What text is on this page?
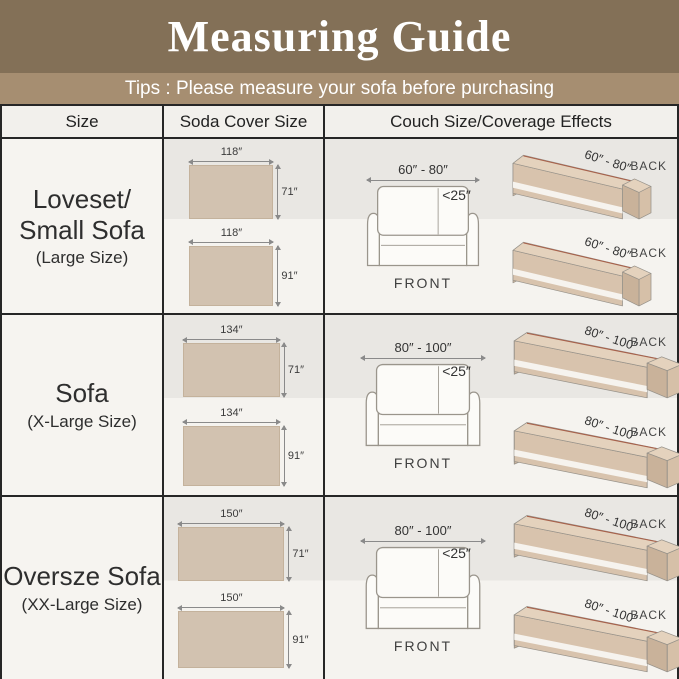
Measuring Guide
Tips : Please measure your sofa before purchasing
Size	Soda Cover Size	Couch Size/Coverage Effects
Loveset/
Small Sofa
(Large Size)
118″
71″
118″
91″
60″ - 80″
<25″
FRONT
60″ - 80″
BACK
60″ - 80″
BACK
Sofa
(X-Large Size)
134″
71″
134″
91″
80″ - 100″
<25″
FRONT
80″ - 100″
BACK
80″ - 100″
BACK
Oversze Sofa
(XX-Large Size)
150″
71″
150″
91″
80″ - 100″
<25″
FRONT
80″ - 100″
BACK
80″ - 100″
BACK
